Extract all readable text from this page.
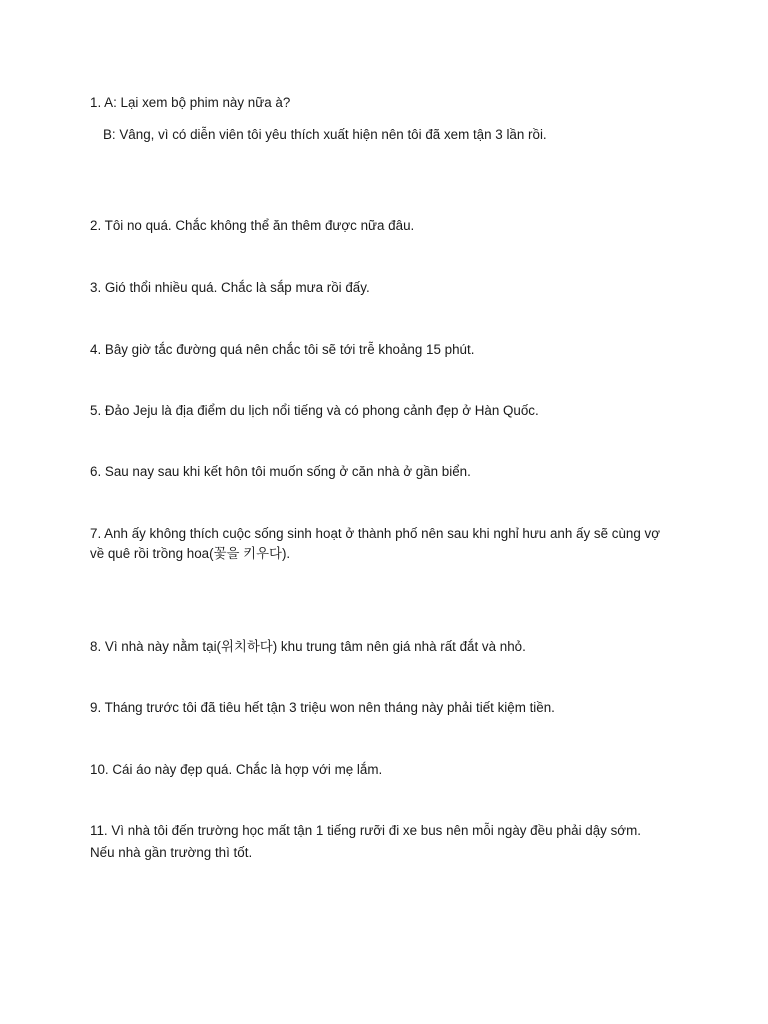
1. A: Lại xem bộ phim này nữa à?
B: Vâng, vì có diễn viên tôi yêu thích xuất hiện nên tôi đã xem tận 3 lần rồi.
2. Tôi no quá. Chắc không thể ăn thêm được nữa đâu.
3. Gió thổi nhiều quá. Chắc là sắp mưa rồi đấy.
4. Bây giờ tắc đường quá nên chắc tôi sẽ tới trễ khoảng 15 phút.
5. Đảo Jeju là địa điểm du lịch nổi tiếng và có phong cảnh đẹp ở Hàn Quốc.
6. Sau nay sau khi kết hôn tôi muốn sống ở căn nhà ở gần biển.
7. Anh ấy không thích cuộc sống sinh hoạt ở thành phố nên sau khi nghỉ hưu anh ấy sẽ cùng vợ
về quê rồi trồng hoa(꽃을 키우다).
8. Vì nhà này nằm tại(위치하다) khu trung tâm nên giá nhà rất đắt và nhỏ.
9. Tháng trước tôi đã tiêu hết tận 3 triệu won nên tháng này phải tiết kiệm tiền.
10. Cái áo này đẹp quá. Chắc là hợp với mẹ lắm.
11. Vì nhà tôi đến trường học mất tận 1 tiếng rưỡi đi xe bus nên mỗi ngày đều phải dậy sớm.
Nếu nhà gần trường thì tốt.
